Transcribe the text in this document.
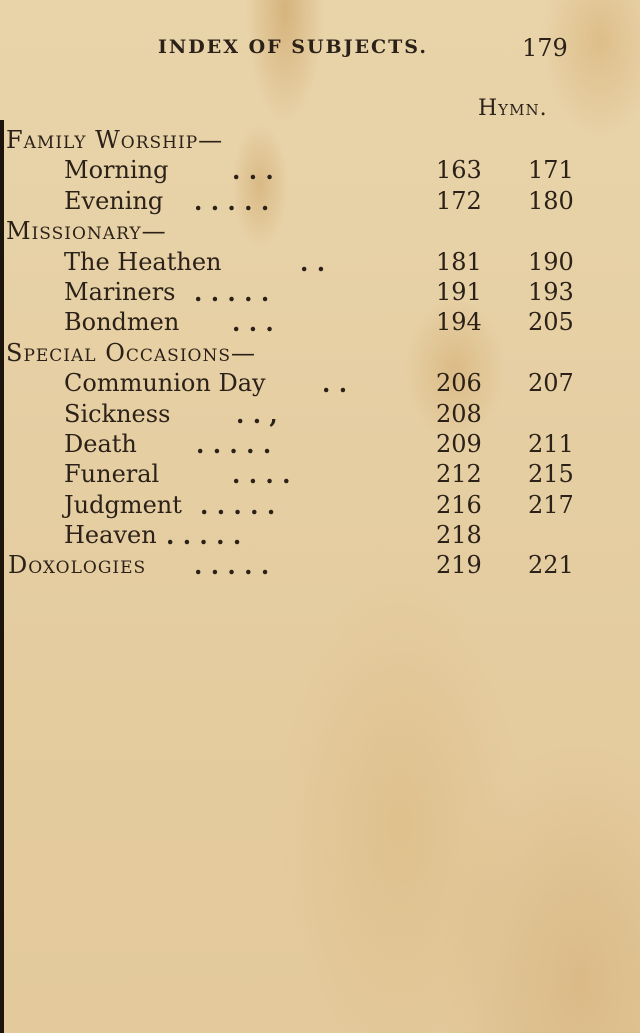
INDEX OF SUBJECTS.	179
Hymn.
Family Worship—
Morning	. . .	163 171
Evening . . . . .	172 180
Missionary—
The Heathen	. .	181 190
Mariners . . . . .	191 193
Bondmen . . .	194 205
Special Occasions—
Communion Day . .	206 207
Sickness	. . ,	208
Death . . . . .	209 211
Funeral	. . . .	212 215
Judgment . . . . .	216 217
Heaven . . . . .	218
Doxologies . . . . .	219 221
